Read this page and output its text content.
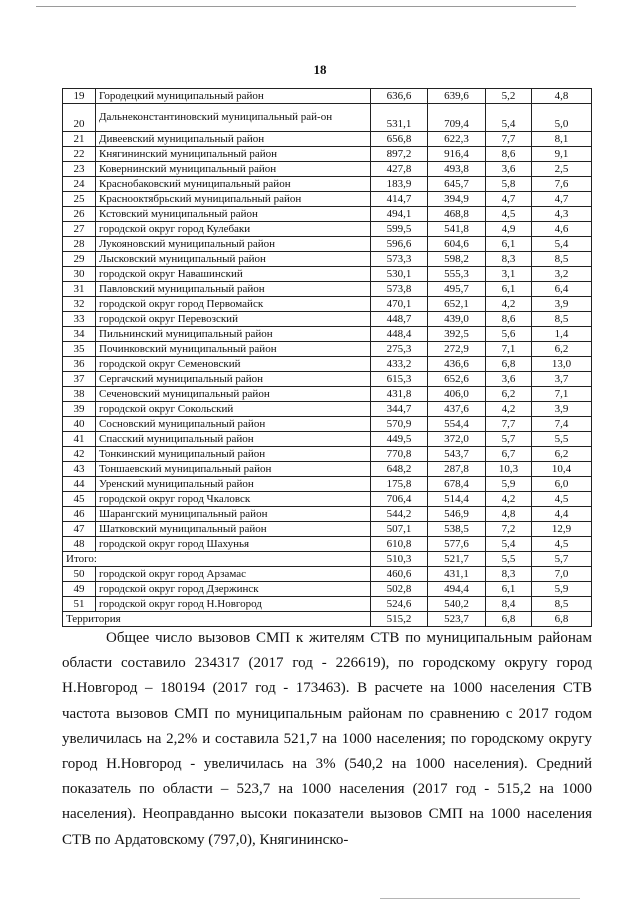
18
19	Городецкий муниципальный район	636,6	639,6	5,2	4,8
20	Дальнеконстантиновский муниципальный рай-он	531,1	709,4	5,4	5,0
21	Дивеевский муниципальный район	656,8	622,3	7,7	8,1
22	Княгининский муниципальный район	897,2	916,4	8,6	9,1
23	Ковернинский муниципальный район	427,8	493,8	3,6	2,5
24	Краснобаковский муниципальный район	183,9	645,7	5,8	7,6
25	Краснооктябрьский муниципальный район	414,7	394,9	4,7	4,7
26	Кстовский муниципальный район	494,1	468,8	4,5	4,3
27	городской округ город Кулебаки	599,5	541,8	4,9	4,6
28	Лукояновский муниципальный район	596,6	604,6	6,1	5,4
29	Лысковский муниципальный район	573,3	598,2	8,3	8,5
30	городской округ Навашинский	530,1	555,3	3,1	3,2
31	Павловский муниципальный район	573,8	495,7	6,1	6,4
32	городской округ город Первомайск	470,1	652,1	4,2	3,9
33	городской округ Перевозский	448,7	439,0	8,6	8,5
34	Пильнинский муниципальный район	448,4	392,5	5,6	1,4
35	Починковский муниципальный район	275,3	272,9	7,1	6,2
36	городской округ Семеновский	433,2	436,6	6,8	13,0
37	Сергачский муниципальный район	615,3	652,6	3,6	3,7
38	Сеченовский муниципальный район	431,8	406,0	6,2	7,1
39	городской округ Сокольский	344,7	437,6	4,2	3,9
40	Сосновский муниципальный район	570,9	554,4	7,7	7,4
41	Спасский муниципальный район	449,5	372,0	5,7	5,5
42	Тонкинский муниципальный район	770,8	543,7	6,7	6,2
43	Тоншаевский муниципальный район	648,2	287,8	10,3	10,4
44	Уренский муниципальный район	175,8	678,4	5,9	6,0
45	городской округ город Чкаловск	706,4	514,4	4,2	4,5
46	Шарангский муниципальный район	544,2	546,9	4,8	4,4
47	Шатковский муниципальный район	507,1	538,5	7,2	12,9
48	городской округ город Шахунья	610,8	577,6	5,4	4,5
Итого:		510,3	521,7	5,5	5,7
50	городской округ город Арзамас	460,6	431,1	8,3	7,0
49	городской округ город Дзержинск	502,8	494,4	6,1	5,9
51	городской округ город Н.Новгород	524,6	540,2	8,4	8,5
Территория		515,2	523,7	6,8	6,8

Общее число вызовов СМП к жителям СТВ по муниципальным районам области составило 234317 (2017 год - 226619), по городскому округу город Н.Новгород – 180194 (2017 год - 173463). В расчете на 1000 населения СТВ частота вызовов СМП по муниципальным районам по сравнению с 2017 годом увеличилась на 2,2% и составила 521,7 на 1000 населения; по городскому округу город Н.Новгород - увеличилась на 3% (540,2 на 1000 населения). Средний показатель по области – 523,7 на 1000 населения (2017 год - 515,2 на 1000 населения). Неоправданно высоки показатели вызовов СМП на 1000 населения СТВ по Ардатовскому (797,0), Княгининско-
